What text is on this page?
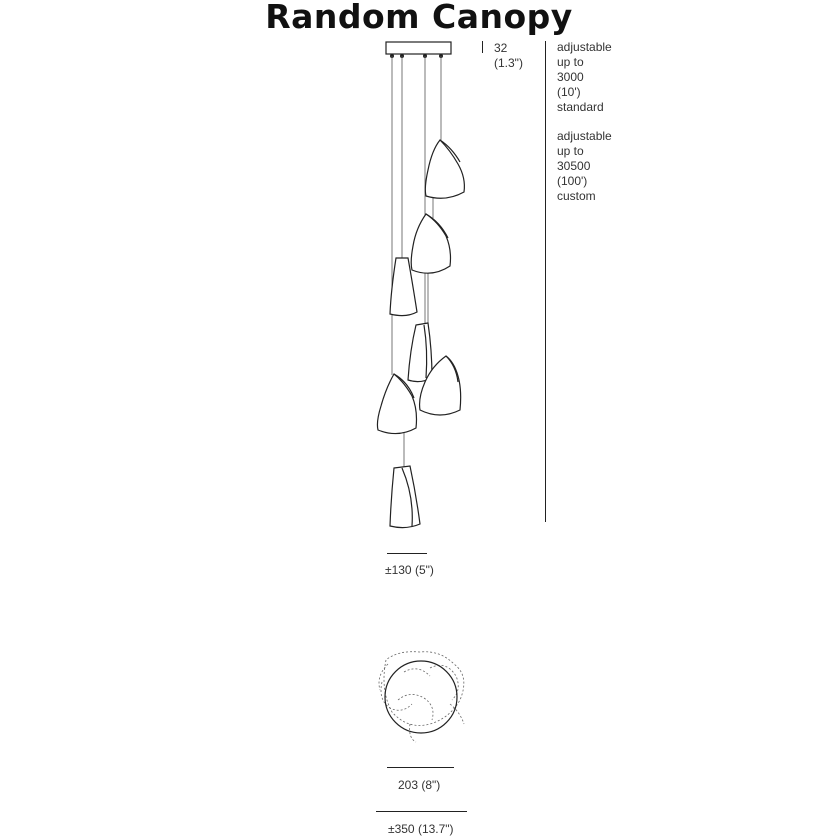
Random Canopy
32
(1.3")
adjustable
up to
3000
(10')
standard
adjustable
up to
30500
(100')
custom
±130 (5")
203 (8")
±350 (13.7")
